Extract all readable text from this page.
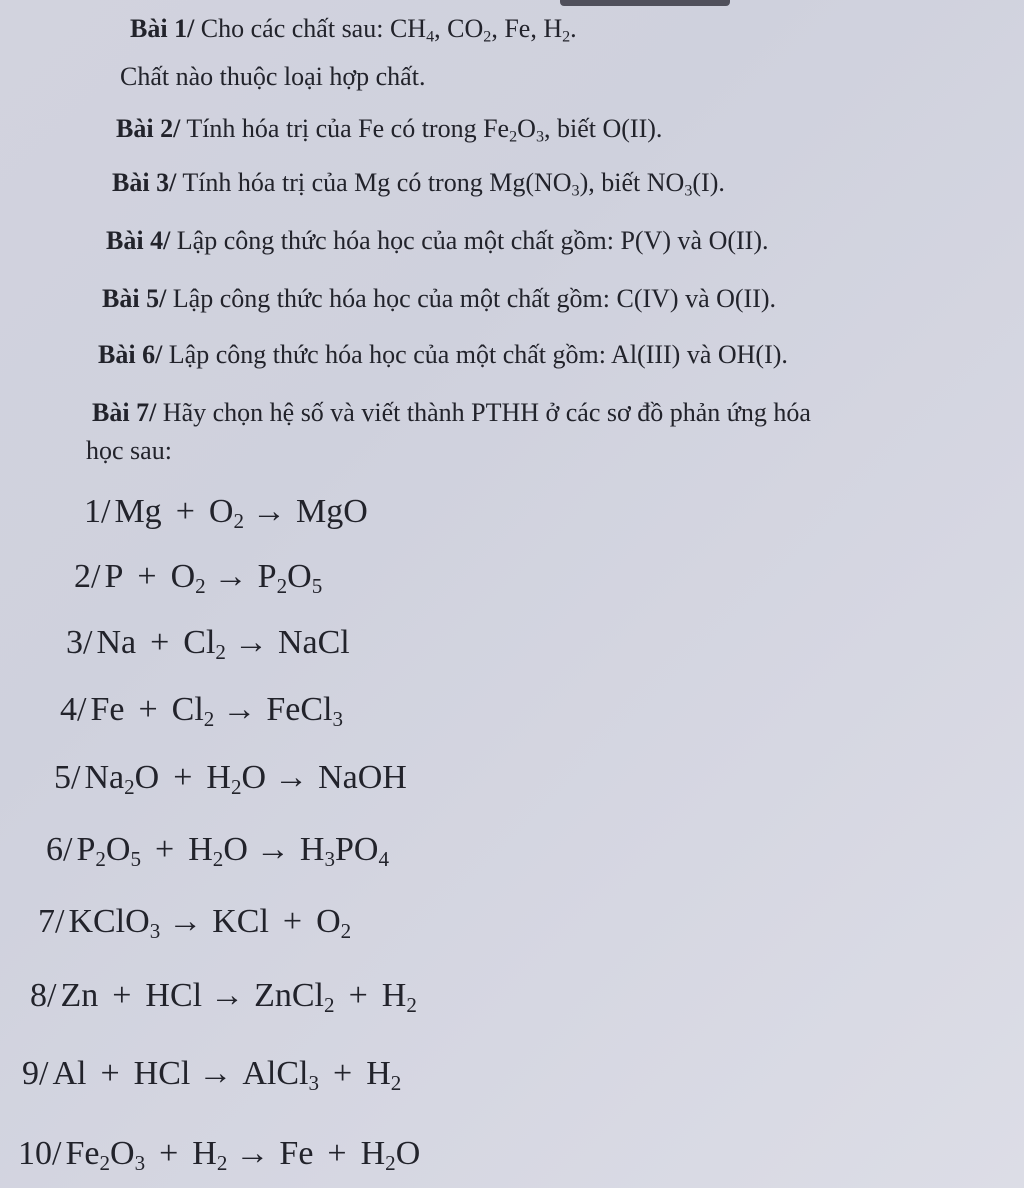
Bài 1/ Cho các chất sau: $CH_4$, $CO_2$, Fe, $H_2$.
Chất nào thuộc loại hợp chất.
Bài 2/ Tính hóa trị của Fe có trong $Fe_2O_3$, biết O(II).
Bài 3/ Tính hóa trị của Mg có trong $Mg(NO_3)$, biết $NO_3(I)$.
Bài 4/ Lập công thức hóa học của một chất gồm: P(V) và O(II).
Bài 5/ Lập công thức hóa học của một chất gồm: C(IV) và O(II).
Bài 6/ Lập công thức hóa học của một chất gồm: Al(III) và OH(I).
Bài 7/ Hãy chọn hệ số và viết thành PTHH ở các sơ đồ phản ứng hóa
học sau:
1/ $Mg + O_2$ → MgO
2/ $P + O_2 \to P_2O_5$
3/ $Na + Cl_2$ → NaCl
4/ $Fe + Cl_2$ → FeCl$_3$
5/ $Na_2O + H_2O$ → NaOH
6/ $P_2O_5 + H_2O \to H_3PO_4$
7/ KClO$_3$ → KCl + $O_2$
8/ Zn + HCl → ZnCl$_2$ + $H_2$
9/ Al + HCl → AlCl$_3$ + $H_2$
10/ $Fe_2O_3 + H_2 \to Fe + H_2O$
